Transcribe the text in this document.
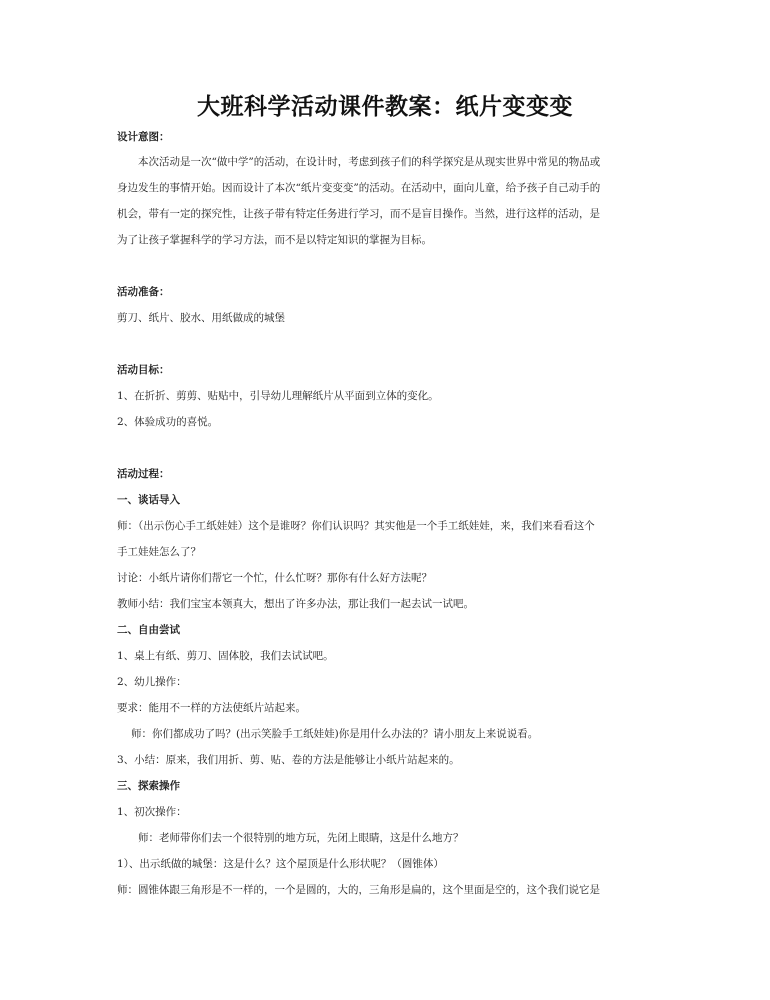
大班科学活动课件教案：纸片变变变
设计意图：
本次活动是一次“做中学”的活动，在设计时，考虑到孩子们的科学探究是从现实世界中常见的物品或
身边发生的事情开始。因而设计了本次“纸片变变变”的活动。在活动中，面向儿童，给予孩子自己动手的
机会，带有一定的探究性，让孩子带有特定任务进行学习，而不是盲目操作。当然，进行这样的活动，是
为了让孩子掌握科学的学习方法，而不是以特定知识的掌握为目标。
活动准备：
剪刀、纸片、胶水、用纸做成的城堡
活动目标：
1、在折折、剪剪、贴贴中，引导幼儿理解纸片从平面到立体的变化。
2、体验成功的喜悦。
活动过程：
一、谈话导入
师：（出示伤心手工纸娃娃）这个是谁呀？你们认识吗？其实他是一个手工纸娃娃，来，我们来看看这个
手工娃娃怎么了？
讨论：小纸片请你们帮它一个忙，什么忙呀？那你有什么好方法呢？
教师小结：我们宝宝本领真大，想出了许多办法，那让我们一起去试一试吧。
二、自由尝试
1、桌上有纸、剪刀、固体胶，我们去试试吧。
2、幼儿操作：
要求：能用不一样的方法使纸片站起来。
师：你们都成功了吗？(出示笑脸手工纸娃娃)你是用什么办法的？请小朋友上来说说看。
3、小结：原来，我们用折、剪、贴、卷的方法是能够让小纸片站起来的。
三、探索操作
1、初次操作：
师：老师带你们去一个很特别的地方玩，先闭上眼睛，这是什么地方？
1）、出示纸做的城堡：这是什么？这个屋顶是什么形状呢？（圆锥体）
师：圆锥体跟三角形是不一样的，一个是圆的，大的，三角形是扁的，这个里面是空的，这个我们说它是
